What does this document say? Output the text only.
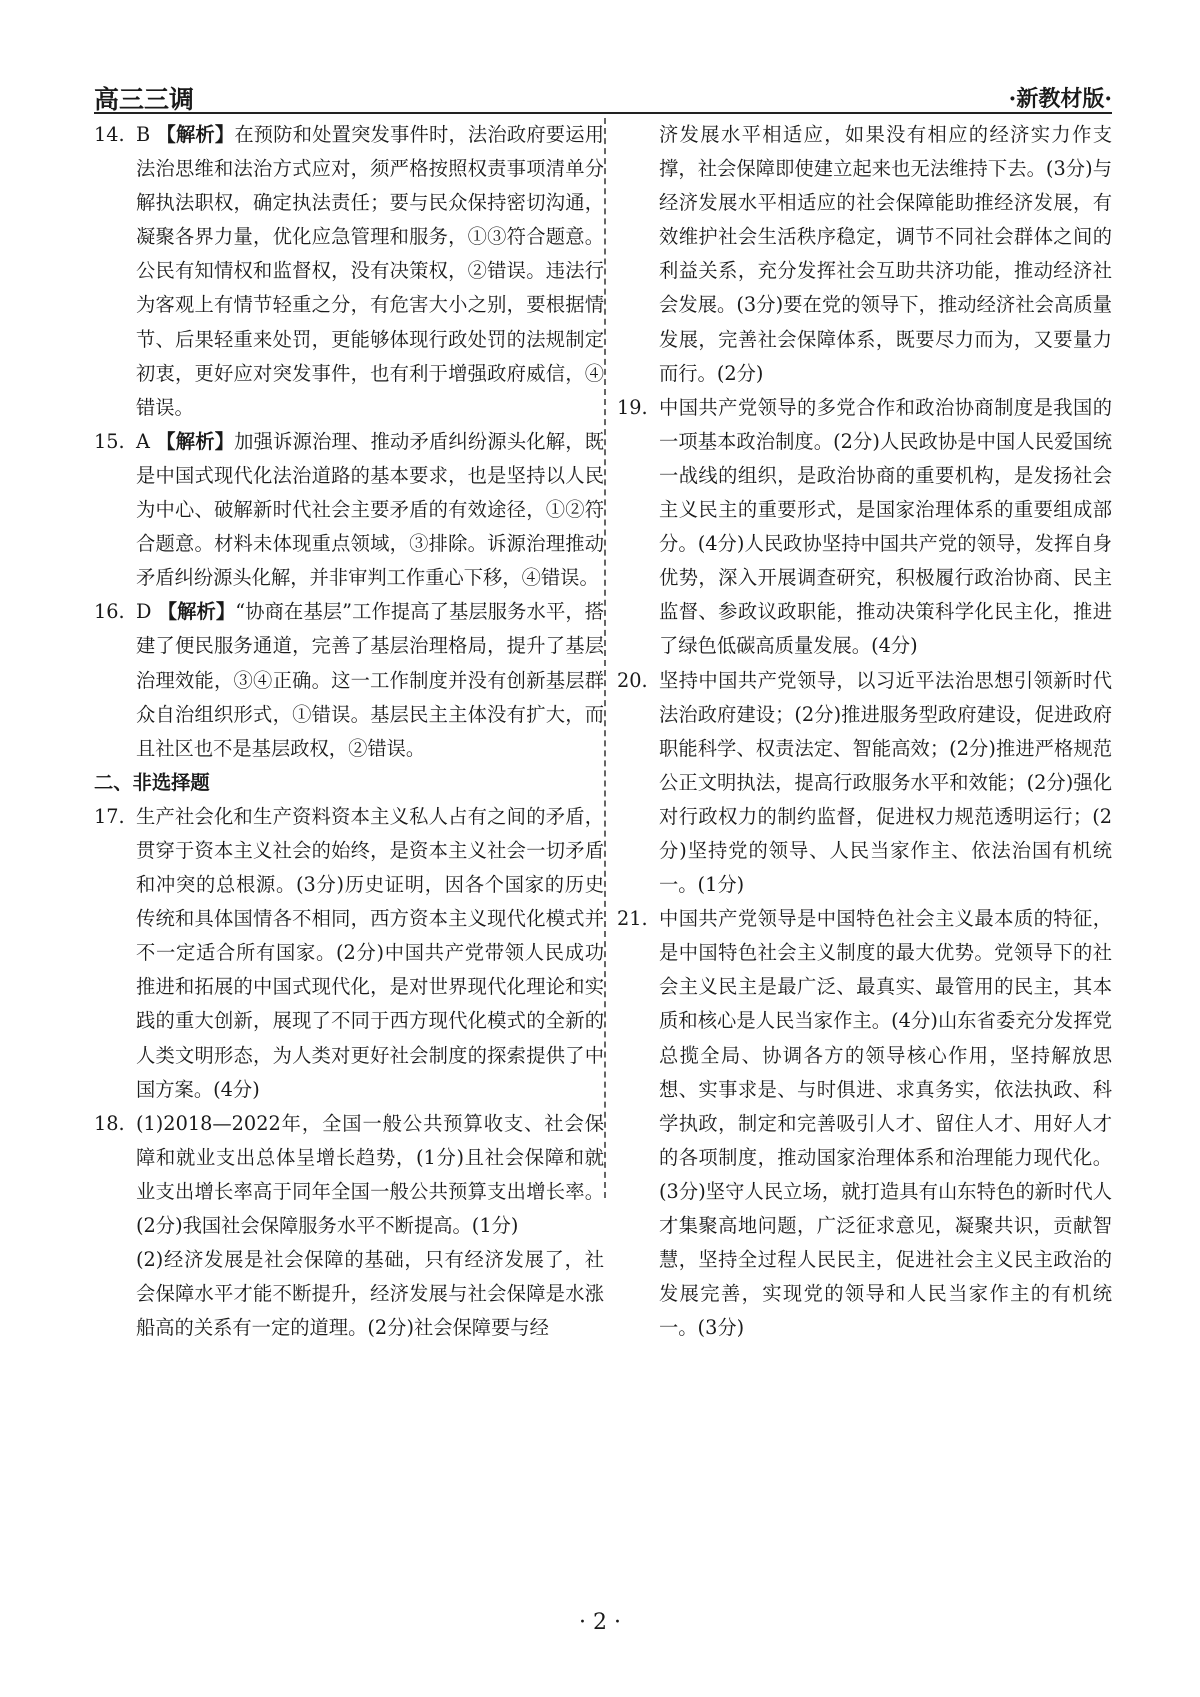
高三三调	·新教材版·

14. B 【解析】在预防和处置突发事件时，法治政府要运用法治思维和法治方式应对，须严格按照权责事项清单分解执法职权，确定执法责任；要与民众保持密切沟通，凝聚各界力量，优化应急管理和服务，①③符合题意。公民有知情权和监督权，没有决策权，②错误。违法行为客观上有情节轻重之分，有危害大小之别，要根据情节、后果轻重来处罚，更能够体现行政处罚的法规制定初衷，更好应对突发事件，也有利于增强政府威信，④错误。

15. A 【解析】加强诉源治理、推动矛盾纠纷源头化解，既是中国式现代化法治道路的基本要求，也是坚持以人民为中心、破解新时代社会主要矛盾的有效途径，①②符合题意。材料未体现重点领域，③排除。诉源治理推动矛盾纠纷源头化解，并非审判工作重心下移，④错误。

16. D 【解析】“协商在基层”工作提高了基层服务水平，搭建了便民服务通道，完善了基层治理格局，提升了基层治理效能，③④正确。这一工作制度并没有创新基层群众自治组织形式，①错误。基层民主主体没有扩大，而且社区也不是基层政权，②错误。

二、非选择题

17. 生产社会化和生产资料资本主义私人占有之间的矛盾，贯穿于资本主义社会的始终，是资本主义社会一切矛盾和冲突的总根源。(3分)历史证明，因各个国家的历史传统和具体国情各不相同，西方资本主义现代化模式并不一定适合所有国家。(2分)中国共产党带领人民成功推进和拓展的中国式现代化，是对世界现代化理论和实践的重大创新，展现了不同于西方现代化模式的全新的人类文明形态，为人类对更好社会制度的探索提供了中国方案。(4分)

18. (1)2018—2022年，全国一般公共预算收支、社会保障和就业支出总体呈增长趋势，(1分)且社会保障和就业支出增长率高于同年全国一般公共预算支出增长率。(2分)我国社会保障服务水平不断提高。(1分)
(2)经济发展是社会保障的基础，只有经济发展了，社会保障水平才能不断提升，经济发展与社会保障是水涨船高的关系有一定的道理。(2分)社会保障要与经

济发展水平相适应，如果没有相应的经济实力作支撑，社会保障即使建立起来也无法维持下去。(3分)与经济发展水平相适应的社会保障能助推经济发展，有效维护社会生活秩序稳定，调节不同社会群体之间的利益关系，充分发挥社会互助共济功能，推动经济社会发展。(3分)要在党的领导下，推动经济社会高质量发展，完善社会保障体系，既要尽力而为，又要量力而行。(2分)

19. 中国共产党领导的多党合作和政治协商制度是我国的一项基本政治制度。(2分)人民政协是中国人民爱国统一战线的组织，是政治协商的重要机构，是发扬社会主义民主的重要形式，是国家治理体系的重要组成部分。(4分)人民政协坚持中国共产党的领导，发挥自身优势，深入开展调查研究，积极履行政治协商、民主监督、参政议政职能，推动决策科学化民主化，推进了绿色低碳高质量发展。(4分)

20. 坚持中国共产党领导，以习近平法治思想引领新时代法治政府建设；(2分)推进服务型政府建设，促进政府职能科学、权责法定、智能高效；(2分)推进严格规范公正文明执法，提高行政服务水平和效能；(2分)强化对行政权力的制约监督，促进权力规范透明运行；(2分)坚持党的领导、人民当家作主、依法治国有机统一。(1分)

21. 中国共产党领导是中国特色社会主义最本质的特征，是中国特色社会主义制度的最大优势。党领导下的社会主义民主是最广泛、最真实、最管用的民主，其本质和核心是人民当家作主。(4分)山东省委充分发挥党总揽全局、协调各方的领导核心作用，坚持解放思想、实事求是、与时俱进、求真务实，依法执政、科学执政，制定和完善吸引人才、留住人才、用好人才的各项制度，推动国家治理体系和治理能力现代化。(3分)坚守人民立场，就打造具有山东特色的新时代人才集聚高地问题，广泛征求意见，凝聚共识，贡献智慧，坚持全过程人民民主，促进社会主义民主政治的发展完善，实现党的领导和人民当家作主的有机统一。(3分)

· 2 ·
